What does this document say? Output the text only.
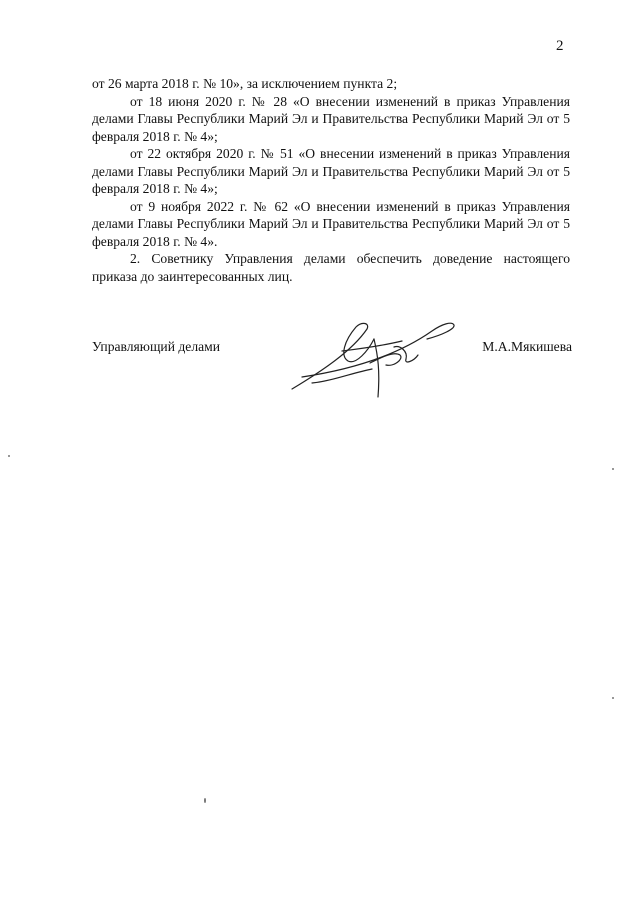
2

от 26 марта 2018 г. № 10», за исключением пункта 2;

от 18 июня 2020 г. № 28 «О внесении изменений в приказ Управления делами Главы Республики Марий Эл и Правительства Республики Марий Эл от 5 февраля 2018 г. № 4»;

от 22 октября 2020 г. № 51 «О внесении изменений в приказ Управления делами Главы Республики Марий Эл и Правительства Республики Марий Эл от 5 февраля 2018 г. № 4»;

от 9 ноября 2022 г. № 62 «О внесении изменений в приказ Управления делами Главы Республики Марий Эл и Правительства Республики Марий Эл от 5 февраля 2018 г. № 4».

2. Советнику Управления делами обеспечить доведение настоящего приказа до заинтересованных лиц.

Управляющий делами	М.А.Мякишева
